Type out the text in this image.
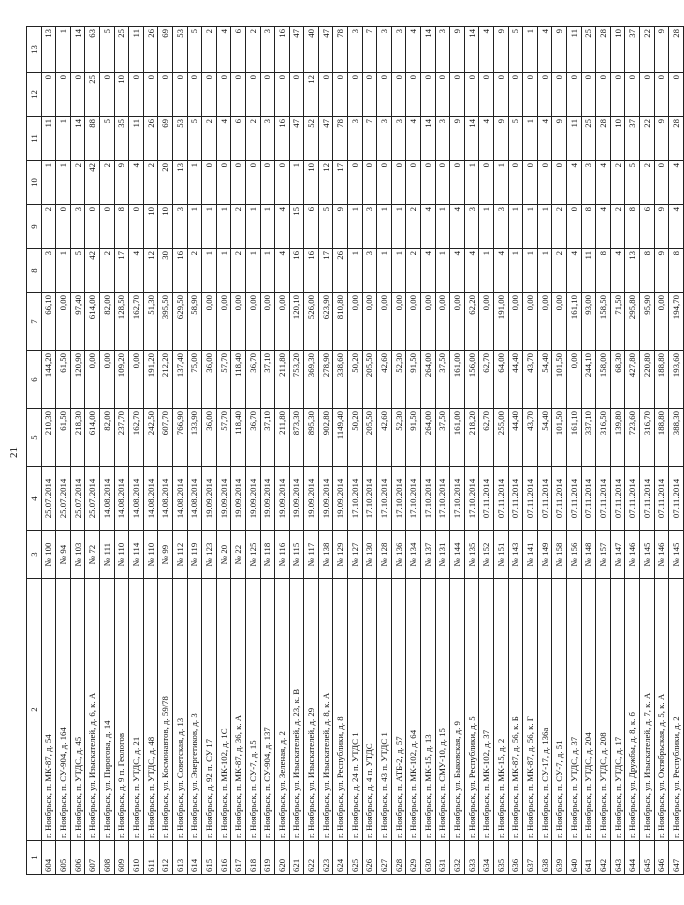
21
1	2	3	4	5	6	7	8	9	10	11	12	13
604	г. Ноябрьск, п. МК-87, д. 54	№ 100	25.07.2014	210,30	144,20	66,10	3	2	1	11	0	13
605	г. Ноябрьск, п. СУ-904, д. 164	№ 94	25.07.2014	61,50	61,50	0,00	1	0	1	1	0	1
606	г. Ноябрьск, п. УТДС, д. 45	№ 103	25.07.2014	218,30	120,90	97,40	5	3	2	14	0	14
607	г. Ноябрьск, ул. Изыскателей, д. 6, к. А	№ 72	25.07.2014	614,00	0,00	614,00	42	0	42	88	25	63
608	г. Ноябрьск, ул. Пирогова, д. 14	№ 111	14.08.2014	82,00	0,00	82,00	2	0	2	5	0	5
609	г. Ноябрьск, д. 9 п. Геологов	№ 110	14.08.2014	237,70	109,20	128,50	17	8	9	35	10	25
610	г. Ноябрьск, п. УТДС, д. 21	№ 114	14.08.2014	162,70	0,00	162,70	4	0	4	11	0	11
611	г. Ноябрьск, п. УТДС, д. 48	№ 110	14.08.2014	242,50	191,20	51,30	12	10	2	26	0	26
612	г. Ноябрьск, ул. Космонавтов, д. 59/78	№ 99	14.08.2014	607,70	212,20	395,50	30	10	20	69	0	69
613	г. Ноябрьск, ул. Советская, д. 13	№ 112	14.08.2014	766,90	137,40	629,50	16	3	13	53	0	53
614	г. Ноябрьск, ул. Энергетиков, д. 3	№ 119	14.08.2014	133,90	75,00	58,90	2	1	1	5	0	5
615	г. Ноябрьск, д. 92 п. СУ 17	№ 123	19.09.2014	36,00	36,00	0,00	1	1	0	2	0	2
616	г. Ноябрьск, п. МК-102, д. 1С	№ 20	19.09.2014	57,70	57,70	0,00	1	1	0	4	0	4
617	г. Ноябрьск, п. МК-87, д. 36, к. А	№ 22	19.09.2014	118,40	118,40	0,00	2	2	0	6	0	6
618	г. Ноябрьск, п. СУ-7, д. 15	№ 125	19.09.2014	36,70	36,70	0,00	1	1	0	2	0	2
619	г. Ноябрьск, п. СУ-904, д. 137	№ 118	19.09.2014	37,10	37,10	0,00	1	1	0	3	0	3
620	г. Ноябрьск, ул. Зеленая, д. 2	№ 116	19.09.2014	211,80	211,80	0,00	4	4	0	16	0	16
621	г. Ноябрьск, ул. Изыскателей, д. 23, к. В	№ 115	19.09.2014	873,30	753,20	120,10	16	15	1	47	0	47
622	г. Ноябрьск, ул. Изыскателей, д. 29	№ 117	19.09.2014	895,30	369,30	526,00	16	6	10	52	12	40
623	г. Ноябрьск, ул. Изыскателей, д. 8, к. А	№ 138	19.09.2014	902,80	278,90	623,90	17	5	12	47	0	47
624	г. Ноябрьск, ул. Республики, д. 8	№ 129	19.09.2014	1149,40	338,60	810,80	26	9	17	78	0	78
625	г. Ноябрьск, д. 24 п. УТДС 1	№ 127	17.10.2014	50,20	50,20	0,00	1	1	0	3	0	3
626	г. Ноябрьск, д. 4 п. УТДС	№ 130	17.10.2014	205,50	205,50	0,00	3	3	0	7	0	7
627	г. Ноябрьск, п. 43 п. УТДС 1	№ 128	17.10.2014	42,60	42,60	0,00	1	1	0	3	0	3
628	г. Ноябрьск, п. АТБ-2, д. 57	№ 136	17.10.2014	52,30	52,30	0,00	1	1	0	3	0	3
629	г. Ноябрьск, п. МК-102, д. 64	№ 134	17.10.2014	91,50	91,50	0,00	2	2	0	4	0	4
630	г. Ноябрьск, п. МК-15, д. 13	№ 137	17.10.2014	264,00	264,00	0,00	4	4	0	14	0	14
631	г. Ноябрьск, п. СМУ-10, д. 15	№ 131	17.10.2014	37,50	37,50	0,00	1	1	0	3	0	3
632	г. Ноябрьск, ул. Быковская, д. 9	№ 144	17.10.2014	161,00	161,00	0,00	4	4	0	9	0	9
633	г. Ноябрьск, ул. Республики, д. 5	№ 135	17.10.2014	218,20	156,00	62,20	4	3	1	14	0	14
634	г. Ноябрьск, п. МК-102, д. 37	№ 152	07.11.2014	62,70	62,70	0,00	1	1	0	4	0	4
635	г. Ноябрьск, п. МК-15, д. 2	№ 151	07.11.2014	255,00	64,00	191,00	4	3	1	9	0	9
636	г. Ноябрьск, п. МК-87, д. 56, к. Б	№ 143	07.11.2014	44,40	44,40	0,00	1	1	0	5	0	5
637	г. Ноябрьск, п. МК-87, д. 56, к. Г	№ 141	07.11.2014	43,70	43,70	0,00	1	1	0	1	0	1
638	г. Ноябрьск, п. СУ-17, д. 136а	№ 149	07.11.2014	54,40	54,40	0,00	1	1	0	4	0	4
639	г. Ноябрьск, п. СУ-7, д. 51	№ 158	07.11.2014	101,50	101,50	0,00	2	2	0	9	0	9
640	г. Ноябрьск, п. УТДС, д. 37	№ 156	07.11.2014	161,10	0,00	161,10	4	0	4	11	0	11
641	г. Ноябрьск, п. УТДС, д. 204	№ 148	07.11.2014	337,10	244,10	93,00	11	8	3	25	0	25
642	г. Ноябрьск, п. УТДС, д. 208	№ 157	07.11.2014	316,50	158,00	158,50	8	4	4	28	0	28
643	г. Ноябрьск, п. УТДС, д. 17	№ 147	07.11.2014	139,80	68,30	71,50	4	2	2	10	0	10
644	г. Ноябрьск, ул. Дружбы, д. 8, к. б	№ 146	07.11.2014	723,60	427,80	295,80	13	8	5	37	0	37
645	г. Ноябрьск, ул. Изыскателей, д. 7, к. А	№ 145	07.11.2014	316,70	220,80	95,90	8	6	2	22	0	22
646	г. Ноябрьск, ул. Октябрьская, д. 5, к. А	№ 146	07.11.2014	188,80	188,80	0,00	9	9	0	9	0	9
647	г. Ноябрьск, ул. Республики, д. 2	№ 145	07.11.2014	388,30	193,60	194,70	8	4	4	28	0	28
